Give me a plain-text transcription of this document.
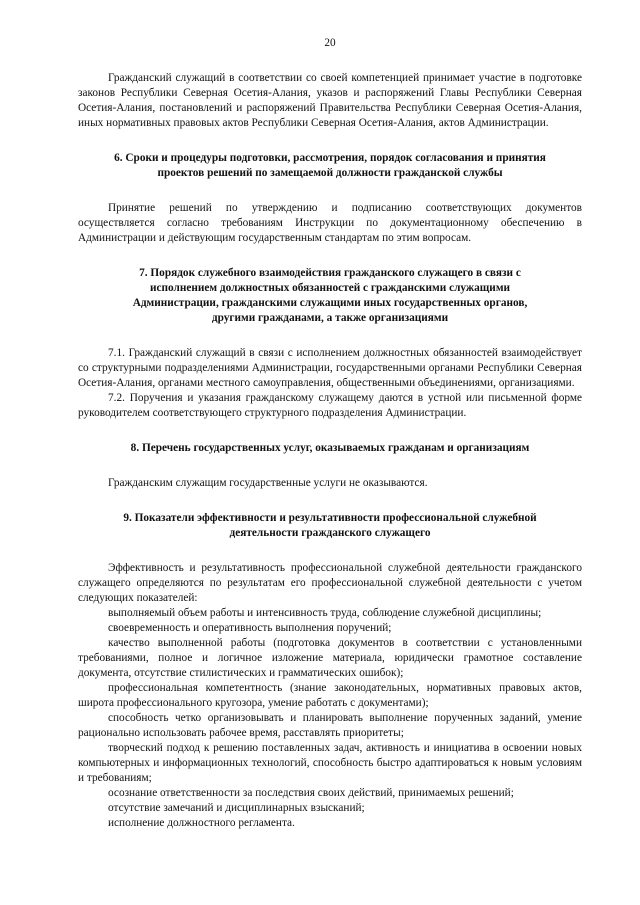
20

Гражданский служащий в соответствии со своей компетенцией принимает участие в подготовке законов Республики Северная Осетия-Алания, указов и распоряжений Главы Республики Северная Осетия-Алания, постановлений и распоряжений Правительства Республики Северная Осетия-Алания, иных нормативных правовых актов Республики Северная Осетия-Алания, актов Администрации.

6. Сроки и процедуры подготовки, рассмотрения, порядок согласования и принятия
проектов решений по замещаемой должности гражданской службы

Принятие решений по утверждению и подписанию соответствующих документов осуществляется согласно требованиям Инструкции по документационному обеспечению в Администрации и действующим государственным стандартам по этим вопросам.

7. Порядок служебного взаимодействия гражданского служащего в связи с
исполнением должностных обязанностей с гражданскими служащими
Администрации, гражданскими служащими иных государственных органов,
другими гражданами, а также организациями

7.1. Гражданский служащий в связи с исполнением должностных обязанностей взаимодействует со структурными подразделениями Администрации, государственными органами Республики Северная Осетия-Алания, органами местного самоуправления, общественными объединениями, организациями.

7.2. Поручения и указания гражданскому служащему даются в устной или письменной форме руководителем соответствующего структурного подразделения Администрации.

8. Перечень государственных услуг, оказываемых гражданам и организациям

Гражданским служащим государственные услуги не оказываются.

9. Показатели эффективности и результативности профессиональной служебной
деятельности гражданского служащего

Эффективность и результативность профессиональной служебной деятельности гражданского служащего определяются по результатам его профессиональной служебной деятельности с учетом следующих показателей:

выполняемый объем работы и интенсивность труда, соблюдение служебной дисциплины;

своевременность и оперативность выполнения поручений;

качество выполненной работы (подготовка документов в соответствии с установленными требованиями, полное и логичное изложение материала, юридически грамотное составление документа, отсутствие стилистических и грамматических ошибок);

профессиональная компетентность (знание законодательных, нормативных правовых актов, широта профессионального кругозора, умение работать с документами);

способность четко организовывать и планировать выполнение порученных заданий, умение рационально использовать рабочее время, расставлять приоритеты;

творческий подход к решению поставленных задач, активность и инициатива в освоении новых компьютерных и информационных технологий, способность быстро адаптироваться к новым условиям и требованиям;

осознание ответственности за последствия своих действий, принимаемых решений;

отсутствие замечаний и дисциплинарных взысканий;

исполнение должностного регламента.
